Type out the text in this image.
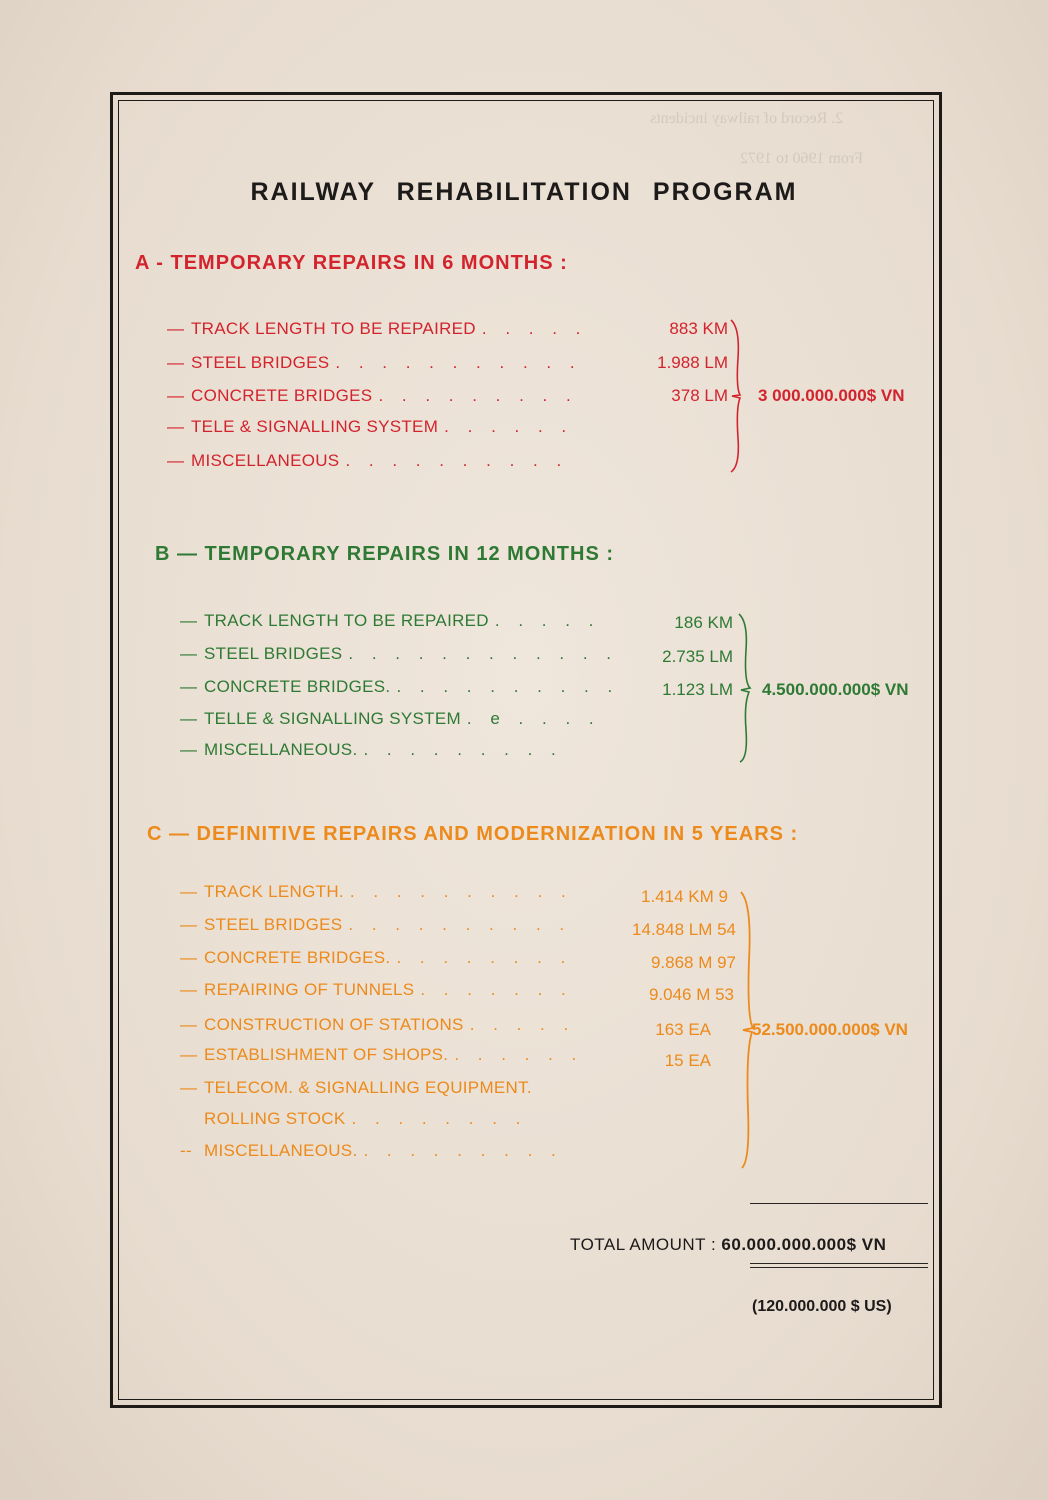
2. Record of railway incidents
From 1960 to 1972
RAILWAY REHABILITATION PROGRAM
A - TEMPORARY REPAIRS IN 6 MONTHS :
— TRACK LENGTH TO BE REPAIRED . . . . .
— STEEL BRIDGES . . . . . . . . . . .
— CONCRETE BRIDGES . . . . . . . . .
— TELE & SIGNALLING SYSTEM . . . . . .
— MISCELLANEOUS . . . . . . . . . .
883 KM
1.988 LM
378 LM 3 000.000.000$ VN
B — TEMPORARY REPAIRS IN 12 MONTHS :
— TRACK LENGTH TO BE REPAIRED . . . . .
— STEEL BRIDGES . . . . . . . . . . . .
— CONCRETE BRIDGES. . . . . . . . . . .
— TELLE & SIGNALLING SYSTEM . e . . . .
— MISCELLANEOUS. . . . . . . . . .
186 KM
2.735 LM
1.123 LM 4.500.000.000$ VN
C — DEFINITIVE REPAIRS AND MODERNIZATION IN 5 YEARS :
— TRACK LENGTH. . . . . . . . . . .
— STEEL BRIDGES . . . . . . . . . .
— CONCRETE BRIDGES. . . . . . . . .
— REPAIRING OF TUNNELS . . . . . . .
— CONSTRUCTION OF STATIONS . . . . .
— ESTABLISHMENT OF SHOPS. . . . . . .
— TELECOM. & SIGNALLING EQUIPMENT.
ROLLING STOCK . . . . . . . .
-- MISCELLANEOUS. . . . . . . . . .
1.414 KM 9
14.848 LM 54
9.868 M 97
9.046 M 53
163 EA
15 EA
52.500.000.000$ VN
TOTAL AMOUNT : 60.000.000.000$ VN
(120.000.000 $ US)
